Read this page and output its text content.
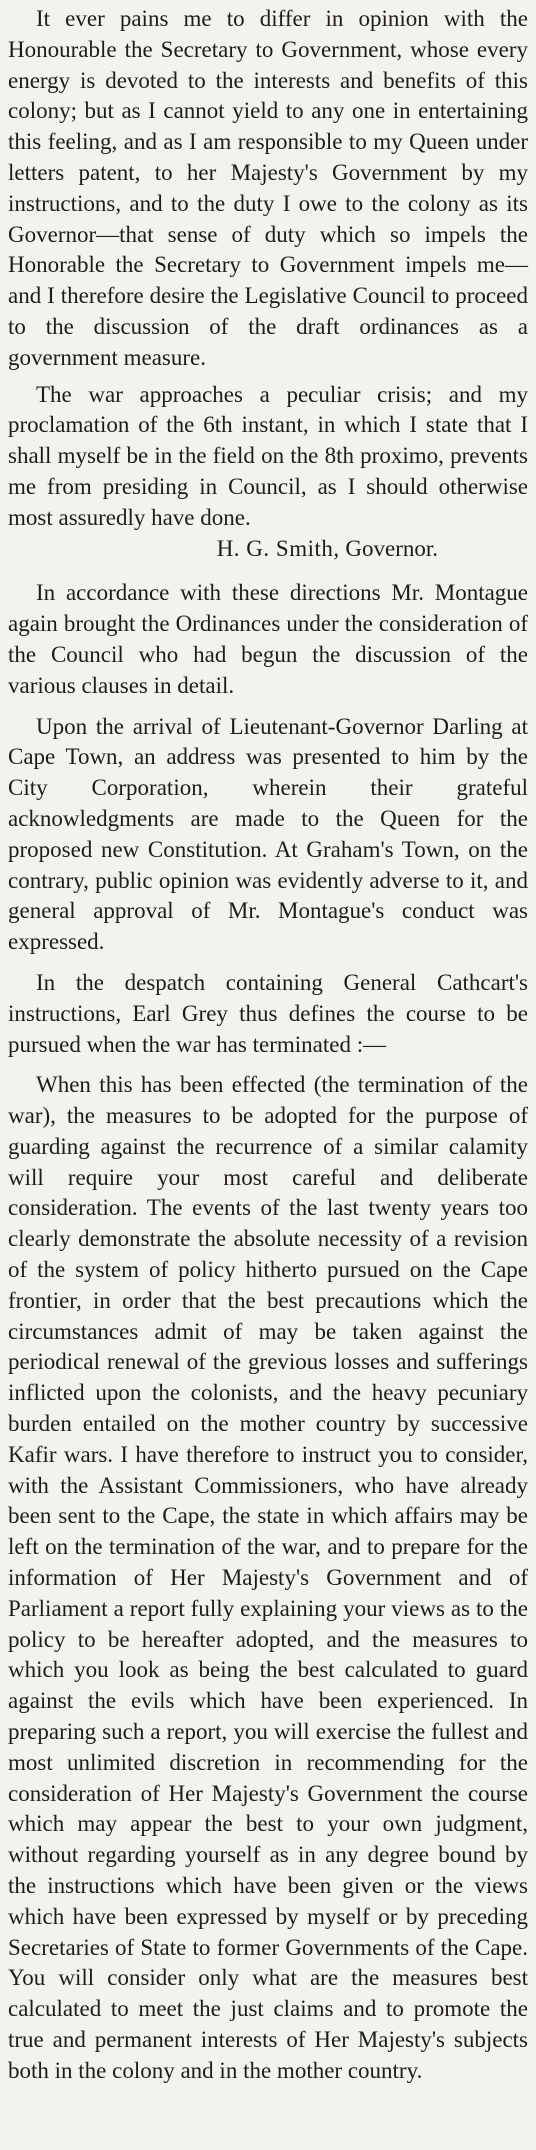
It ever pains me to differ in opinion with the Honourable the Secretary to Government, whose every energy is devoted to the interests and benefits of this colony; but as I cannot yield to any one in entertaining this feeling, and as I am responsible to my Queen under letters patent, to her Majesty's Government by my instructions, and to the duty I owe to the colony as its Governor—that sense of duty which so impels the Honorable the Secretary to Government impels me—and I therefore desire the Legislative Council to proceed to the discussion of the draft ordinances as a government measure.

The war approaches a peculiar crisis; and my proclamation of the 6th instant, in which I state that I shall myself be in the field on the 8th proximo, prevents me from presiding in Council, as I should otherwise most assuredly have done.

H. G. Smith, Governor.

In accordance with these directions Mr. Montague again brought the Ordinances under the consideration of the Council who had begun the discussion of the various clauses in detail.

Upon the arrival of Lieutenant-Governor Darling at Cape Town, an address was presented to him by the City Corporation, wherein their grateful acknowledgments are made to the Queen for the proposed new Constitution. At Graham's Town, on the contrary, public opinion was evidently adverse to it, and general approval of Mr. Montague's conduct was expressed.

In the despatch containing General Cathcart's instructions, Earl Grey thus defines the course to be pursued when the war has terminated :—

When this has been effected (the termination of the war), the measures to be adopted for the purpose of guarding against the recurrence of a similar calamity will require your most careful and deliberate consideration. The events of the last twenty years too clearly demonstrate the absolute necessity of a revision of the system of policy hitherto pursued on the Cape frontier, in order that the best precautions which the circumstances admit of may be taken against the periodical renewal of the grevious losses and sufferings inflicted upon the colonists, and the heavy pecuniary burden entailed on the mother country by successive Kafir wars. I have therefore to instruct you to consider, with the Assistant Commissioners, who have already been sent to the Cape, the state in which affairs may be left on the termination of the war, and to prepare for the information of Her Majesty's Government and of Parliament a report fully explaining your views as to the policy to be hereafter adopted, and the measures to which you look as being the best calculated to guard against the evils which have been experienced. In preparing such a report, you will exercise the fullest and most unlimited discretion in recommending for the consideration of Her Majesty's Government the course which may appear the best to your own judgment, without regarding yourself as in any degree bound by the instructions which have been given or the views which have been expressed by myself or by preceding Secretaries of State to former Governments of the Cape. You will consider only what are the measures best calculated to meet the just claims and to promote the true and permanent interests of Her Majesty's subjects both in the colony and in the mother country.
